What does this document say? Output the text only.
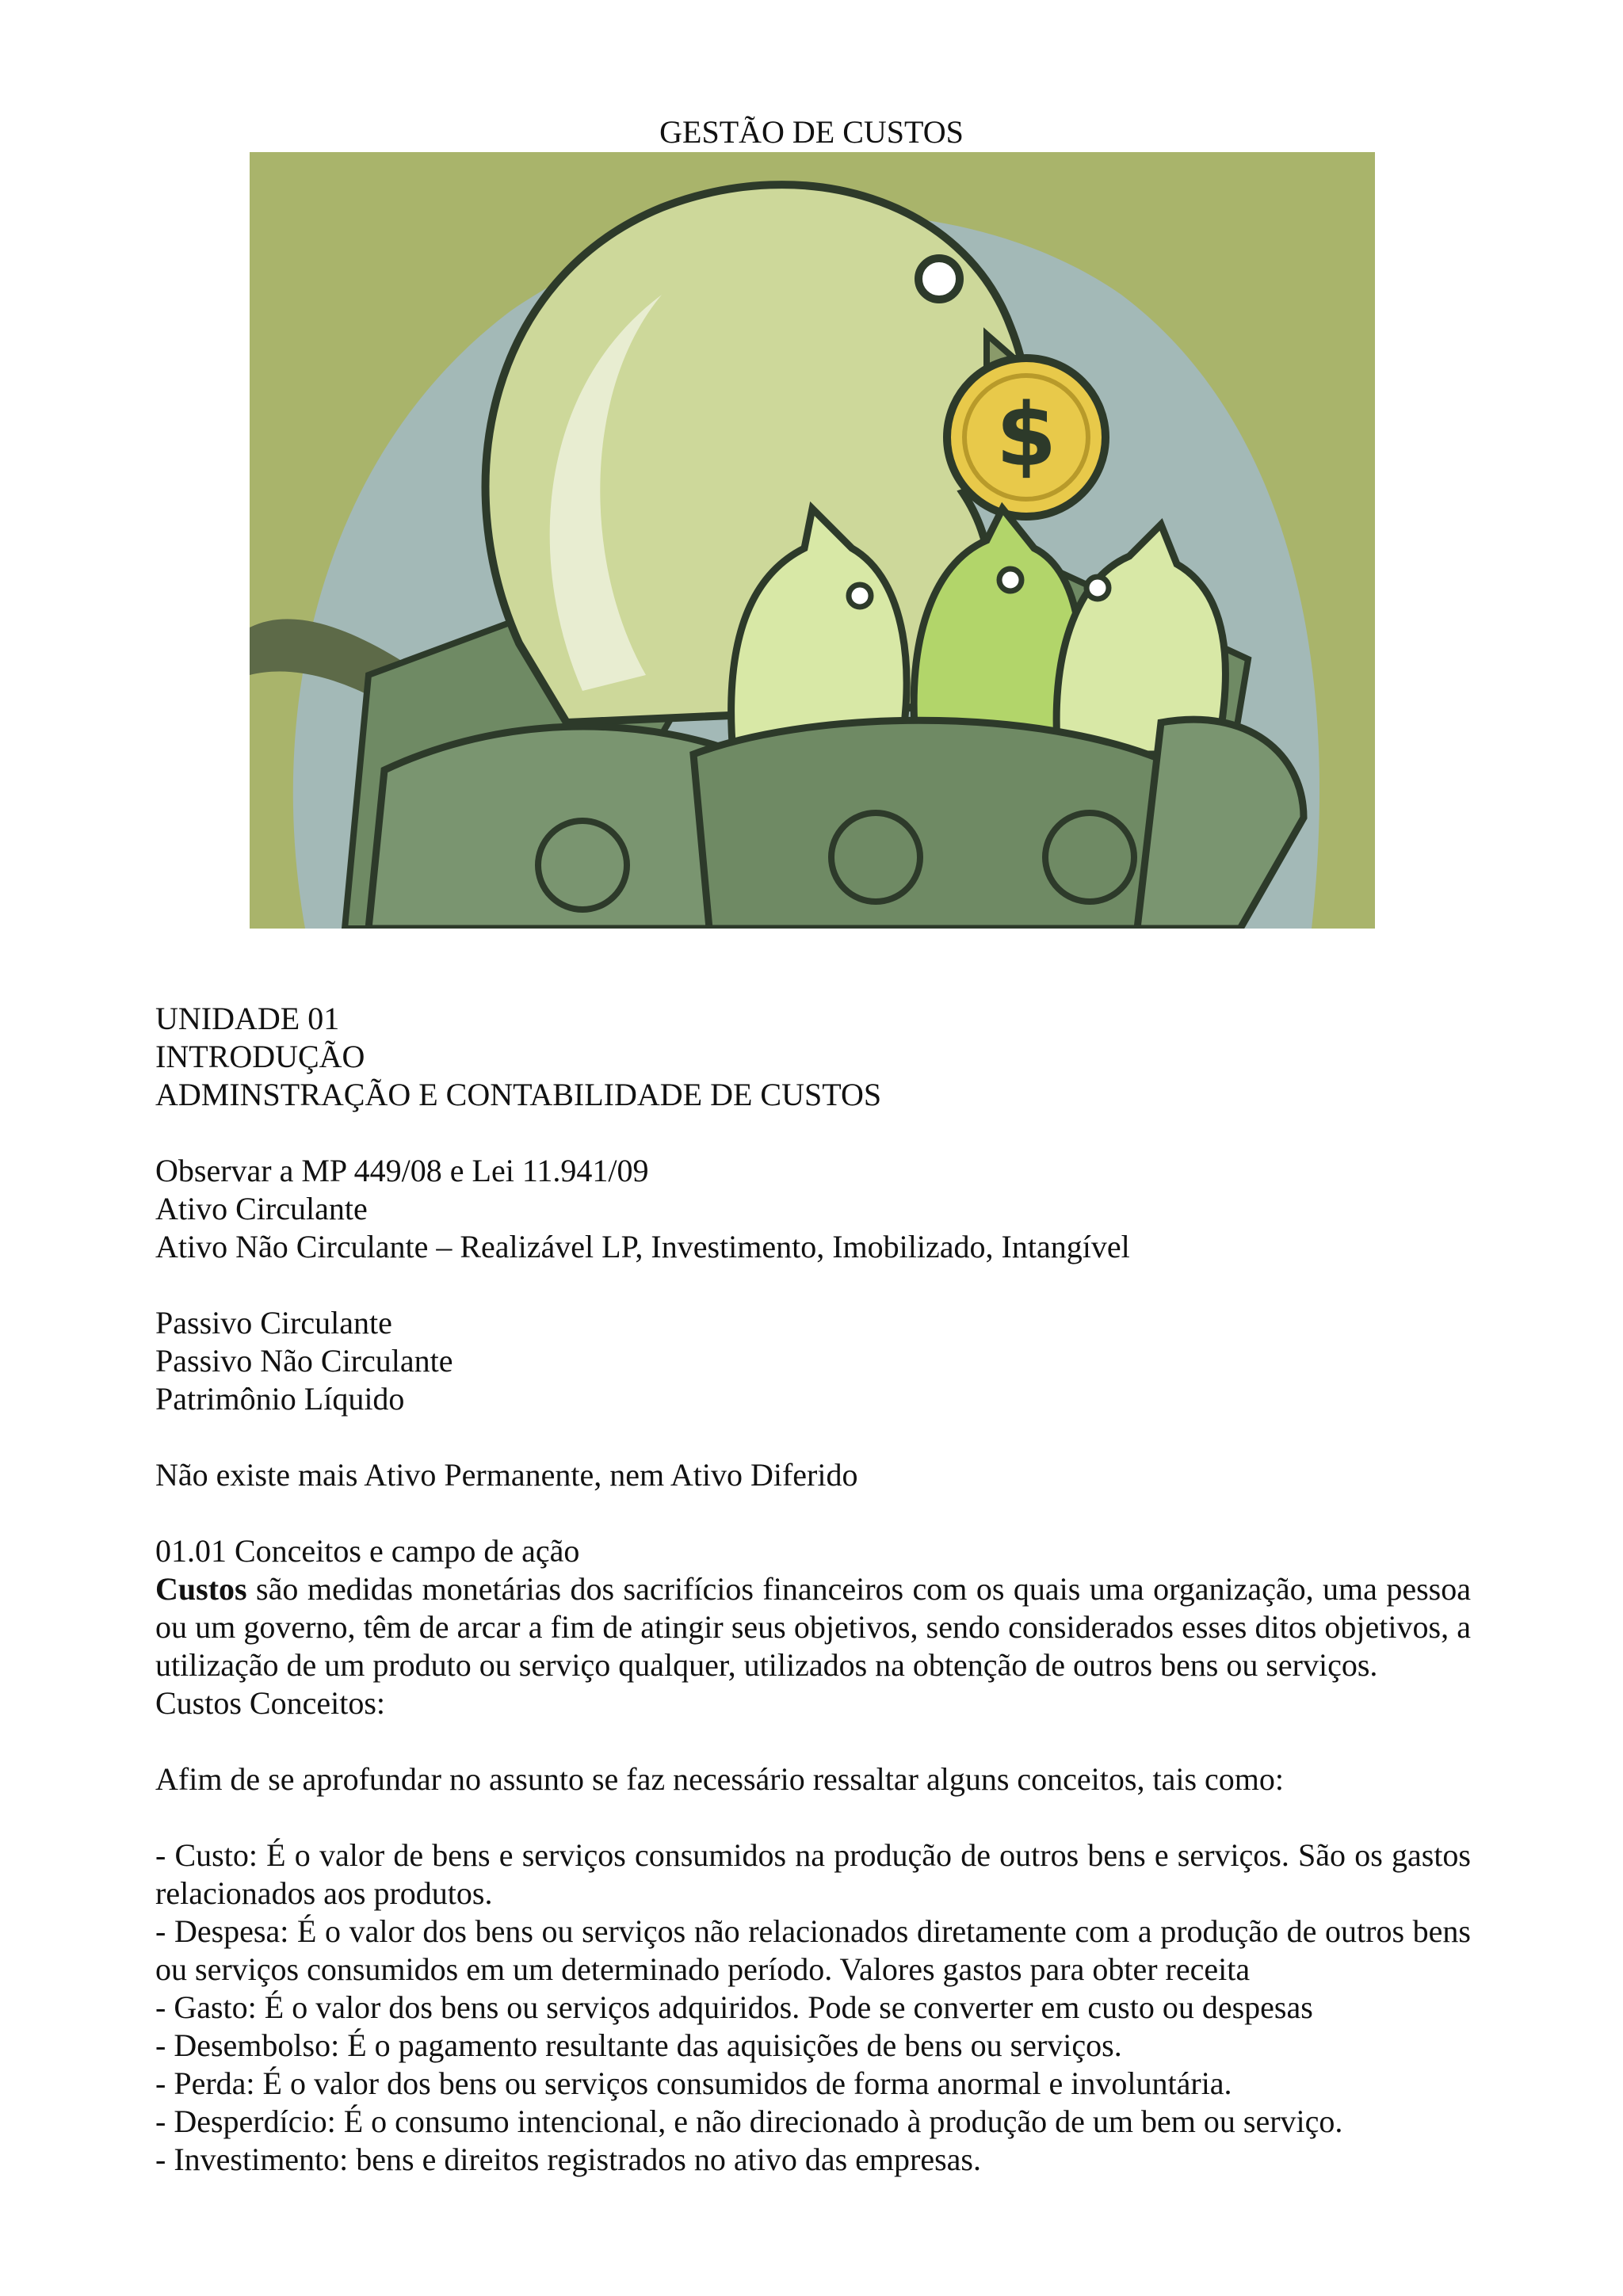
GESTÃO DE CUSTOS
$
UNIDADE 01
INTRODUÇÃO
ADMINSTRAÇÃO E CONTABILIDADE DE CUSTOS
Observar a MP 449/08 e Lei 11.941/09
Ativo Circulante
Ativo Não Circulante – Realizável LP, Investimento, Imobilizado, Intangível
Passivo Circulante
Passivo Não Circulante
Patrimônio Líquido
Não existe mais Ativo Permanente, nem Ativo Diferido
01.01 Conceitos e campo de ação
Custos são medidas monetárias dos sacrifícios financeiros com os quais uma organização, uma pessoa ou um governo, têm de arcar a fim de atingir seus objetivos, sendo considerados esses ditos objetivos, a utilização de um produto ou serviço qualquer, utilizados na obtenção de outros bens ou serviços.
Custos Conceitos:
Afim de se aprofundar no assunto se faz necessário ressaltar alguns conceitos, tais como:
- Custo: É o valor de bens e serviços consumidos na produção de outros bens e serviços. São os gastos relacionados aos produtos.
- Despesa: É o valor dos bens ou serviços não relacionados diretamente com a produção de outros bens ou serviços consumidos em um determinado período. Valores gastos para obter receita
- Gasto: É o valor dos bens ou serviços adquiridos. Pode se converter em custo ou despesas
- Desembolso: É o pagamento resultante das aquisições de bens ou serviços.
- Perda: É o valor dos bens ou serviços consumidos de forma anormal e involuntária.
- Desperdício: É o consumo intencional, e não direcionado à produção de um bem ou serviço.
- Investimento: bens e direitos registrados no ativo das empresas.
